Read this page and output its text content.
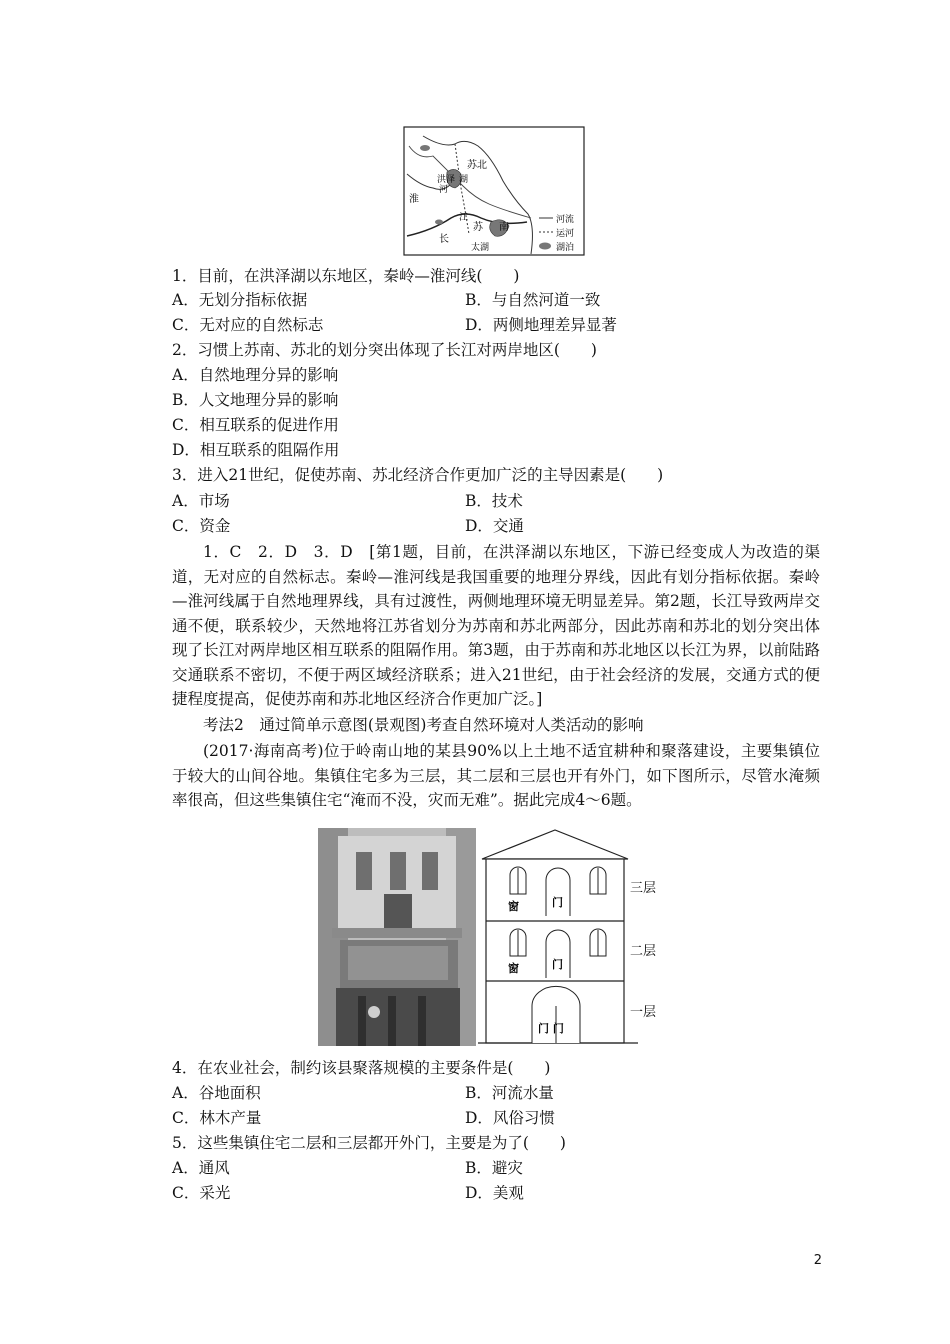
苏北
洪泽 湖
淮
河
江
苏 南
长
太湖
河流
运河
湖泊
1．目前，在洪泽湖以东地区，秦岭—淮河线(　　)
A．无划分指标依据	B．与自然河道一致
C．无对应的自然标志	D．两侧地理差异显著
2．习惯上苏南、苏北的划分突出体现了长江对两岸地区(　　)
A．自然地理分异的影响
B．人文地理分异的影响
C．相互联系的促进作用
D．相互联系的阻隔作用
3．进入21世纪，促使苏南、苏北经济合作更加广泛的主导因素是(　　)
A．市场	B．技术
C．资金	D．交通
1．C　2．D　3．D　[第1题，目前，在洪泽湖以东地区，下游已经变成人为改造的渠道，无对应的自然标志。秦岭—淮河线是我国重要的地理分界线，因此有划分指标依据。秦岭—淮河线属于自然地理界线，具有过渡性，两侧地理环境无明显差异。第2题，长江导致两岸交通不便，联系较少，天然地将江苏省划分为苏南和苏北两部分，因此苏南和苏北的划分突出体现了长江对两岸地区相互联系的阻隔作用。第3题，由于苏南和苏北地区以长江为界，以前陆路交通联系不密切，不便于两区域经济联系；进入21世纪，由于社会经济的发展，交通方式的便捷程度提高，促使苏南和苏北地区经济合作更加广泛。]
考法2　通过简单示意图(景观图)考查自然环境对人类活动的影响
(2017·海南高考)位于岭南山地的某县90%以上土地不适宜耕种和聚落建设，主要集镇位于较大的山间谷地。集镇住宅多为三层，其二层和三层也开有外门，如下图所示，尽管水淹频率很高，但这些集镇住宅“淹而不没，灾而无难”。据此完成4～6题。
窗	门
窗	门
门 门
三层
二层
一层
4．在农业社会，制约该县聚落规模的主要条件是(　　)
A．谷地面积	B．河流水量
C．林木产量	D．风俗习惯
5．这些集镇住宅二层和三层都开外门，主要是为了(　　)
A．通风	B．避灾
C．采光	D．美观
2
